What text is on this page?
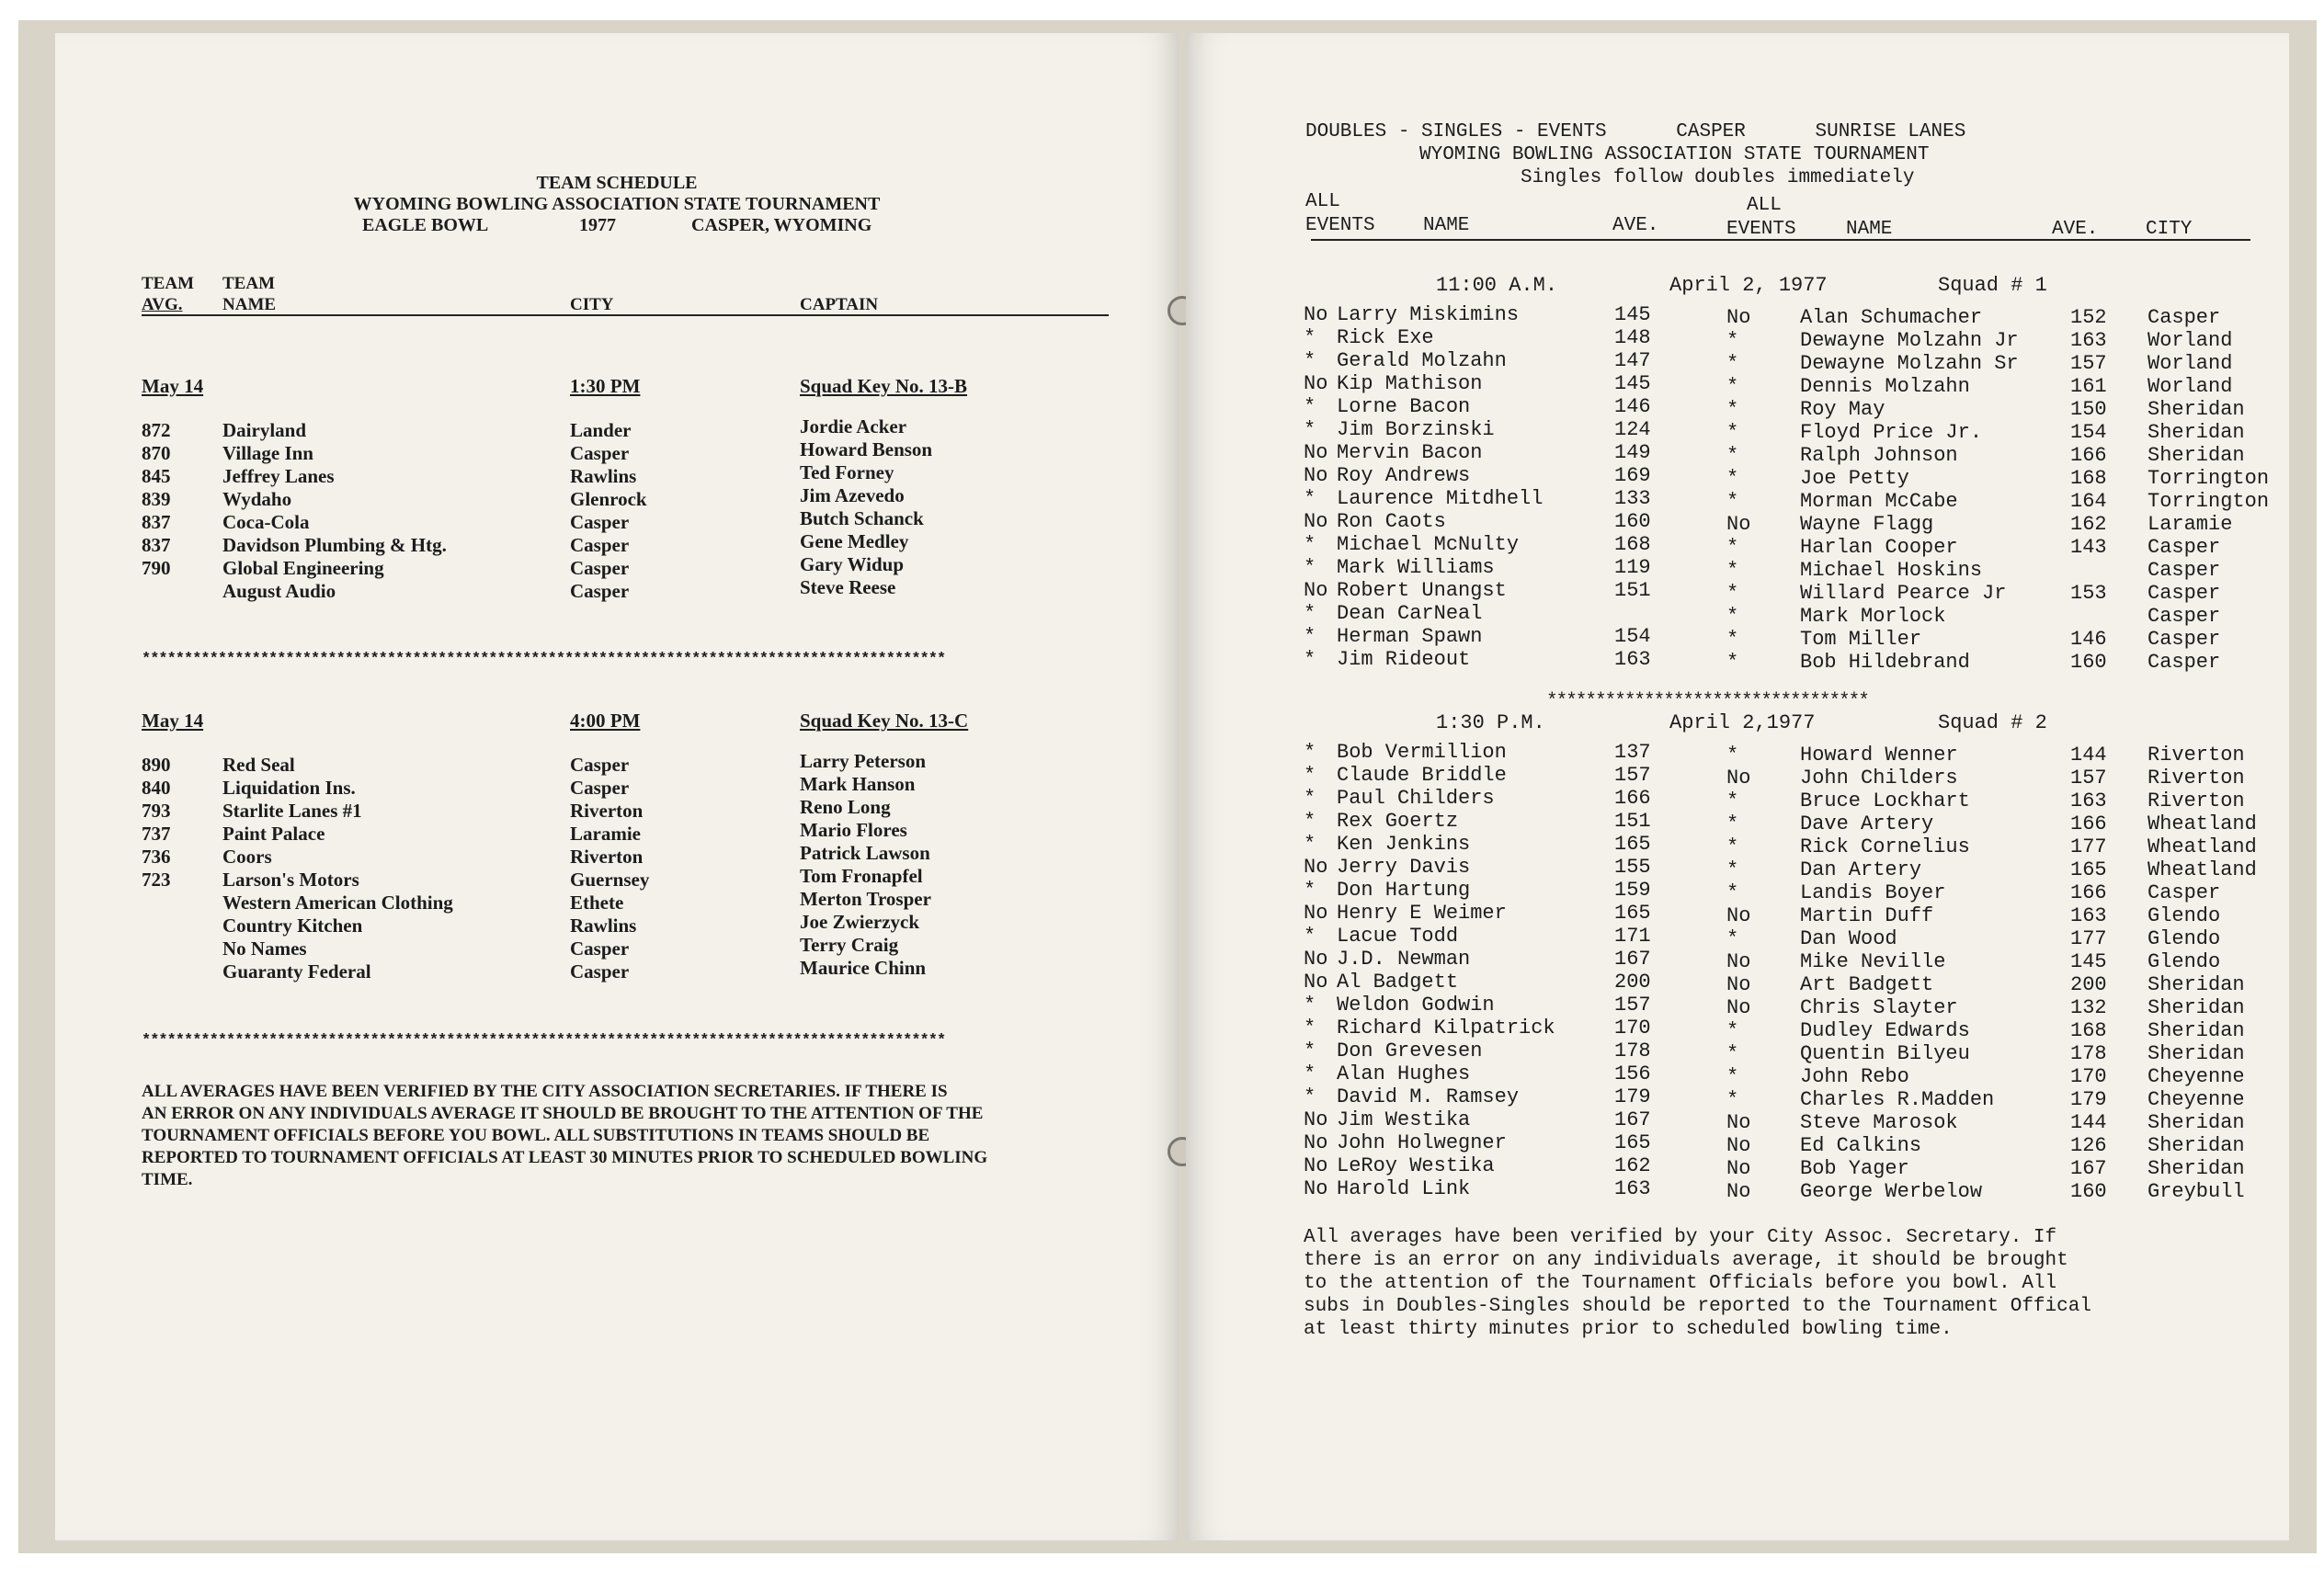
TEAM SCHEDULE
WYOMING BOWLING ASSOCIATION STATE TOURNAMENT
EAGLE BOWL	1977	CASPER, WYOMING
TEAM
AVG.
TEAM
NAME	CITY	CAPTAIN
May 14	1:30 PM	Squad Key No. 13-B
872	Dairyland	Lander	Jordie Acker
870	Village Inn	Casper	Howard Benson
845	Jeffrey Lanes	Rawlins	Ted Forney
839	Wydaho	Glenrock	Jim Azevedo
837	Coca-Cola	Casper	Butch Schanck
837	Davidson Plumbing & Htg.	Casper	Gene Medley
790	Global Engineering	Casper	Gary Widup
August Audio	Casper	Steve Reese
May 14	4:00 PM	Squad Key No. 13-C
890	Red Seal	Casper	Larry Peterson
840	Liquidation Ins.	Casper	Mark Hanson
793	Starlite Lanes #1	Riverton	Reno Long
737	Paint Palace	Laramie	Mario Flores
736	Coors	Riverton	Patrick Lawson
723	Larson's Motors	Guernsey	Tom Fronapfel
Western American Clothing	Ethete	Merton Trosper
Country Kitchen	Rawlins	Joe Zwierzyck
No Names	Casper	Terry Craig
Guaranty Federal	Casper	Maurice Chinn
***********************************************************************************************
***********************************************************************************************
ALL AVERAGES HAVE BEEN VERIFIED BY THE CITY ASSOCIATION SECRETARIES. IF THERE IS
AN ERROR ON ANY INDIVIDUALS AVERAGE IT SHOULD BE BROUGHT TO THE ATTENTION OF THE
TOURNAMENT OFFICIALS BEFORE YOU BOWL. ALL SUBSTITUTIONS IN TEAMS SHOULD BE
REPORTED TO TOURNAMENT OFFICIALS AT LEAST 30 MINUTES PRIOR TO SCHEDULED BOWLING
TIME.
DOUBLES - SINGLES - EVENTS      CASPER      SUNRISE LANES
WYOMING BOWLING ASSOCIATION STATE TOURNAMENT
Singles follow doubles immediately
ALL	ALL
EVENTS NAME	AVE.	EVENTS	NAME	AVE. CITY
11:00 A.M.	April 2, 1977	Squad # 1
No Larry Miskimins	145	No Alan Schumacher	152 Casper
* Rick Exe	148	*	Dewayne Molzahn Jr	163 Worland
* Gerald Molzahn	147	*	Dewayne Molzahn Sr	157 Worland
No Kip Mathison	145	*	Dennis Molzahn	161 Worland
* Lorne Bacon	146	*	Roy May	150 Sheridan
* Jim Borzinski	124	*	Floyd Price Jr.	154 Sheridan
No Mervin Bacon	149	*	Ralph Johnson	166 Sheridan
No Roy Andrews	169	*	Joe Petty	168 Torrington
* Laurence Mitdhell	133	*	Morman McCabe	164 Torrington
No Ron Caots	160	No Wayne Flagg	162 Laramie
* Michael McNulty	168	*	Harlan Cooper	143 Casper
* Mark Williams	119	*	Michael Hoskins	Casper
No Robert Unangst	151	*	Willard Pearce Jr	153 Casper
* Dean CarNeal	*	Mark Morlock	Casper
* Herman Spawn	154	*	Tom Miller	146 Casper
* Jim Rideout	163	*	Bob Hildebrand	160 Casper
1:30 P.M.	April 2,1977	Squad # 2
* Bob Vermillion	137	*	Howard Wenner	144 Riverton
* Claude Briddle	157	No John Childers	157 Riverton
* Paul Childers	166	*	Bruce Lockhart	163 Riverton
* Rex Goertz	151	*	Dave Artery	166 Wheatland
* Ken Jenkins	165	*	Rick Cornelius	177 Wheatland
No Jerry Davis	155	*	Dan Artery	165 Wheatland
* Don Hartung	159	*	Landis Boyer	166 Casper
No Henry E Weimer	165	No Martin Duff	163 Glendo
* Lacue Todd	171	*	Dan Wood	177 Glendo
No J.D. Newman	167	No Mike Neville	145 Glendo
No Al Badgett	200	No Art Badgett	200 Sheridan
* Weldon Godwin	157	No Chris Slayter	132 Sheridan
* Richard Kilpatrick	170	*	Dudley Edwards	168 Sheridan
* Don Grevesen	178	*	Quentin Bilyeu	178 Sheridan
* Alan Hughes	156	*	John Rebo	170 Cheyenne
* David M. Ramsey	179	*	Charles R.Madden	179 Cheyenne
No Jim Westika	167	No Steve Marosok	144 Sheridan
No John Holwegner	165	No Ed Calkins	126 Sheridan
No LeRoy Westika	162	No Bob Yager	167 Sheridan
No Harold Link	163	No George Werbelow	160 Greybull
*********************************
All averages have been verified by your City Assoc. Secretary. If
there is an error on any individuals average, it should be brought
to the attention of the Tournament Officials before you bowl. All
subs in Doubles-Singles should be reported to the Tournament Offical
at least thirty minutes prior to scheduled bowling time.
